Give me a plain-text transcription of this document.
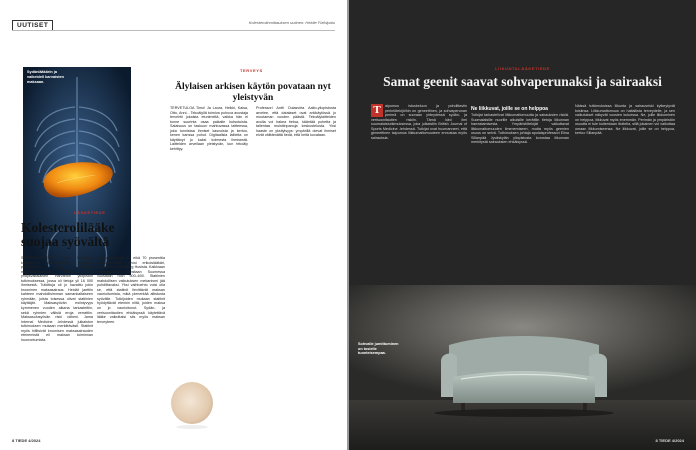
UUTISET	Kolesterolinmittauksen uutinen: Heidie Fizfolpalu
Sydänlääkärin ja valkeidell karvaisten maksaan.
LÄÄKETIEDE
Kolesterolilääke suojaa syövältä
STATIINILÄÄKKEET, joita käytetään kolesterolin alentamiseen, näyttävät pienentävän riskiä sairastua maksasolusyöpään. Tämä ilmeni yhdysvaltalaisen Harvardin yliopiston tutkimuksessa, jossa oli tietoja yli 16 000 ihmisestä. Tutkittuja oli jo havaittu jokin krooninen maksasairaus. Heidät jaettiin kahteen mahdollisimman samankaltaiseen ryhmään, joista toisessa olivat statiinien käyttäjät. Maksasyövän esiintyvyys kymmenen vuoden aikana tarkasteltiin, sekä ryhmien välisiä eroja verrattiin. Maksasolusyövän riski väheni. Jama Internal Medicine -lehdessä julkaistun tutkimuksen mukaan merkittävästi. Statiinit myös hillitsivät kroonisen maksasairauden etenemistä eli maksan toiminnan huonontumista.
Maksasolusyöpä on eikä 70 prosenttia maksasyövistä, arvioi erikoislääkäri, dosentti Fredrik Åberg Husista. Kaikkiaan maksasyöpää havaitaan Suomessa vuosittain noin 500–600. Statiinien mahdollisen vaikutuksen mekanismi jää pohdittavaksi. Yksi vaihtoehto voisi olla se, että statiinit lievittävät maksan vaurioitumista, mikä pienentää altistusta syövälle. Tutkijoiden mukaan statiinit hyödyttävät etenkin niitä, joiden maksa on jo vaurioitunut. Sydän- ja verisuonitautien ehkäisyssä käytettävä lääke vaikuttaisi siis myös maksan terveyteen.
TERVEYS
Älylaisen arkisen käytön povataan nyt yleistyvän
TERVETULOA Timo! Ja Laura, Heikki, Kaisa, Otto, Anni... Tekoälyllä toimiva puhuva avustaja tervehtii jokaista etunimeltä, vaikka hän ei tunne suurinta osaa paikalle kutsutuista. Salaisuus on taskuun mahtuvassa laitteessa, joka tunnistaa ihmiset kasvoista ja kertoo, kenen kanssa puhut. Digitaalisia laitteita on käyttänyt jo kaksi kolmesta ihmisestä. Laitteiden arvellaan yleistyvän, kun tekoäly kehittyy.
Professori Antti Oulasvirta Aalto-yliopistosta arvelee, että datalaset ovat arkikäytössä jo muutaman vuoden päästä. Tekoälylaitteiden avulla voi hakea tietoa, kääntää puhetta ja tallentaa muistiinpanoja keskustelusta. Yksi haaste on yksityisyys: ympärillä olevat ihmiset eivät välttämättä tiedä, että heitä kuvataan.
8 TIEDE 4/2024
LIIKUNTALÄÄKETIEDE
Samat geenit saavat sohvaperunaksi ja sairaaksi
T	aipumus istuskeluun ja pohdittaviin perintötekijöihin on geneettinen, ja sohvaperunan perimä on suoraan yhteydessä sydän- ja verisuonitautien riskiin. Tämä kävi ilmi suomalaistutkimuksessa, joka julkaistiin British Journal of Sports Medicine -lehdessä. Tutkijat ovat huomanneet, että geneettinen taipumus liikkumattomuuteen ennustaa myös sairauksia.
Ne liikkuvat, joille se on helppoa
Tutkijat tarkastelivat liikkumattomuutta ja sairauksien riskiä. Suomalaisille nuorille aikuisille kerättiin tietoja liikunnan harrastamisesta. Ympäristötekijät vaikuttavat liikkumattomuuden ilmenemiseen, mutta myös geenien osuus on selvä. Tutkimuksen johtaja apulaisprofessori Elina Sillanpää Jyväskylän yliopistosta korostaa liikunnan merkitystä sairauksien ehkäisyssä.
Näissä tutkimuksissa liikunta ja sairausriski kytkeytyvät toisiinsa. Liikkumattomuus on haitallista terveydelle, ja sen vaikutukset näkyvät vuosien kuluessa. Ne, joille liikkuminen on helppoa, liikkuvat myös enemmän. Perimän ja ympäristön osuutta ei tule kuitenkaan liioitella, sillä jokainen voi vaikuttaa omaan liikkumiseensa. Ne liikkuvat, joille se on helppoa, kertoo Sillanpää.
Sohvalle jumittuminen on tosielle tuonteisempaa.
8 TIEDE 4/2024
